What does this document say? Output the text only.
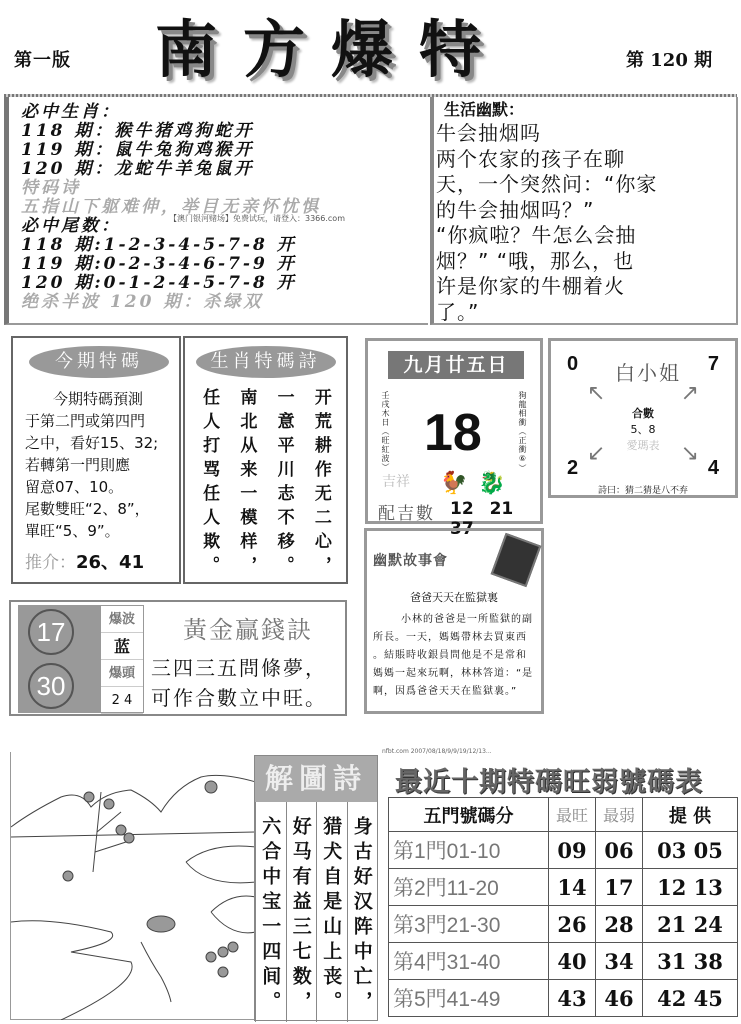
第一版 南方爆特	第 120 期
必中生肖：
118 期：猴牛猪鸡狗蛇开
119 期：鼠牛兔狗鸡猴开
120 期：龙蛇牛羊兔鼠开
特码诗
五指山下躯难伸，举目无亲怀忧惧
必中尾数：
118 期:1-2-3-4-5-7-8 开
119 期:0-2-3-4-6-7-9 开
120 期:0-1-2-4-5-7-8 开
绝杀半波 120 期：杀绿双
【澳门银河赌场】免费试玩，请登入：3366.com
生活幽默：
牛会抽烟吗
两个农家的孩子在聊
天，一个突然问：“你家
的牛会抽烟吗？”
“你疯啦？牛怎么会抽
烟？” “哦，那么，也
许是你家的牛棚着火
了。”
今期特碼
今期特碼預測
于第二門或第四門
之中，看好15、32;
若轉第一門則應
留意07、10。
尾數雙旺“2、8”，
單旺“5、9”。
推介：26、41
生肖特碼詩
开荒耕作无二心，
一意平川志不移。
南北从来一模样，
任人打骂任人欺。
九月廿五日
壬戌木日（旺紅波）	狗龍相衝（正衝⑥）
18
吉祥 🐓 🐉
配吉數 12 21 37
0	7
2	4
白小姐
↖	↗
↙	↘
合數
5、8
愛瑪表
詩曰：猜二猜是八不弃
幽默故事會
爸爸天天在監獄裏
小林的爸爸是一所監獄的副
所長。一天，媽媽帶林去買東西
。結賬時收銀員問他是不是常和
媽媽一起來玩啊，林林答道：“是
啊，因爲爸爸天天在監獄裏。”
17
30
爆波
蓝
爆頭
2 4
黃金贏錢訣
三四三五問條夢，
可作合數立中旺。
解圖詩
身古好汉阵中亡，
猎犬自是山上丧。
好马有益三七数，
六合中宝一四间。
nfbt.com 2007/08/18/9/9/19/12/13...
最近十期特碼旺弱號碼表
五門號碼分	最旺	最弱	提 供
第1門01-10	09	06	03 05
第2門11-20	14	17	12 13
第3門21-30	26	28	21 24
第4門31-40	40	34	31 38
第5門41-49	43	46	42 45
